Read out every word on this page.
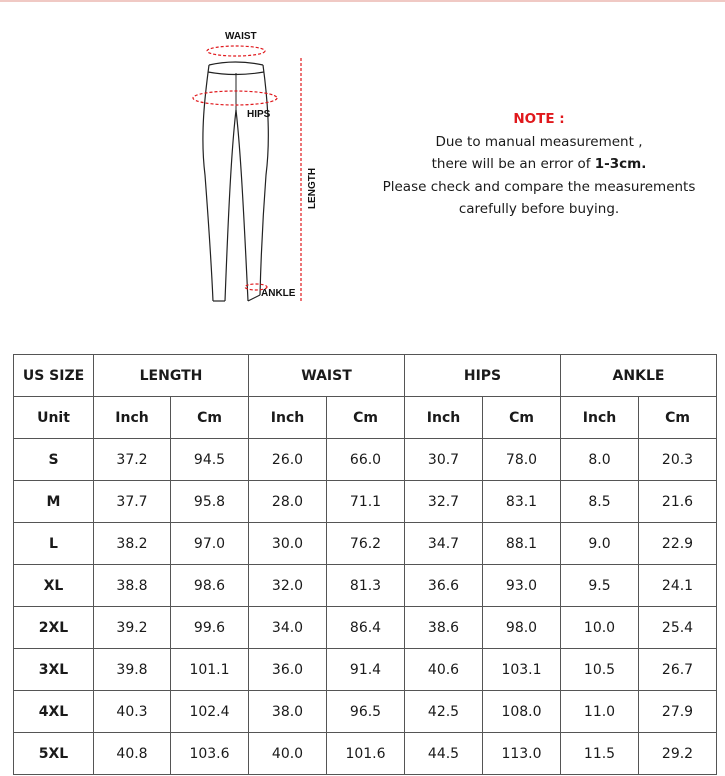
WAIST
HIPS
LENGTH
ANKLE
NOTE :
Due to manual measurement ,
there will be an error of 1-3cm.
Please check and compare the measurements
carefully before buying.
US SIZE	LENGTH		WAIST		HIPS		ANKLE	
Unit	Inch	Cm	Inch	Cm	Inch	Cm	Inch	Cm
S	37.2	94.5	26.0	66.0	30.7	78.0	8.0	20.3
M	37.7	95.8	28.0	71.1	32.7	83.1	8.5	21.6
L	38.2	97.0	30.0	76.2	34.7	88.1	9.0	22.9
XL	38.8	98.6	32.0	81.3	36.6	93.0	9.5	24.1
2XL	39.2	99.6	34.0	86.4	38.6	98.0	10.0	25.4
3XL	39.8	101.1	36.0	91.4	40.6	103.1	10.5	26.7
4XL	40.3	102.4	38.0	96.5	42.5	108.0	11.0	27.9
5XL	40.8	103.6	40.0	101.6	44.5	113.0	11.5	29.2
